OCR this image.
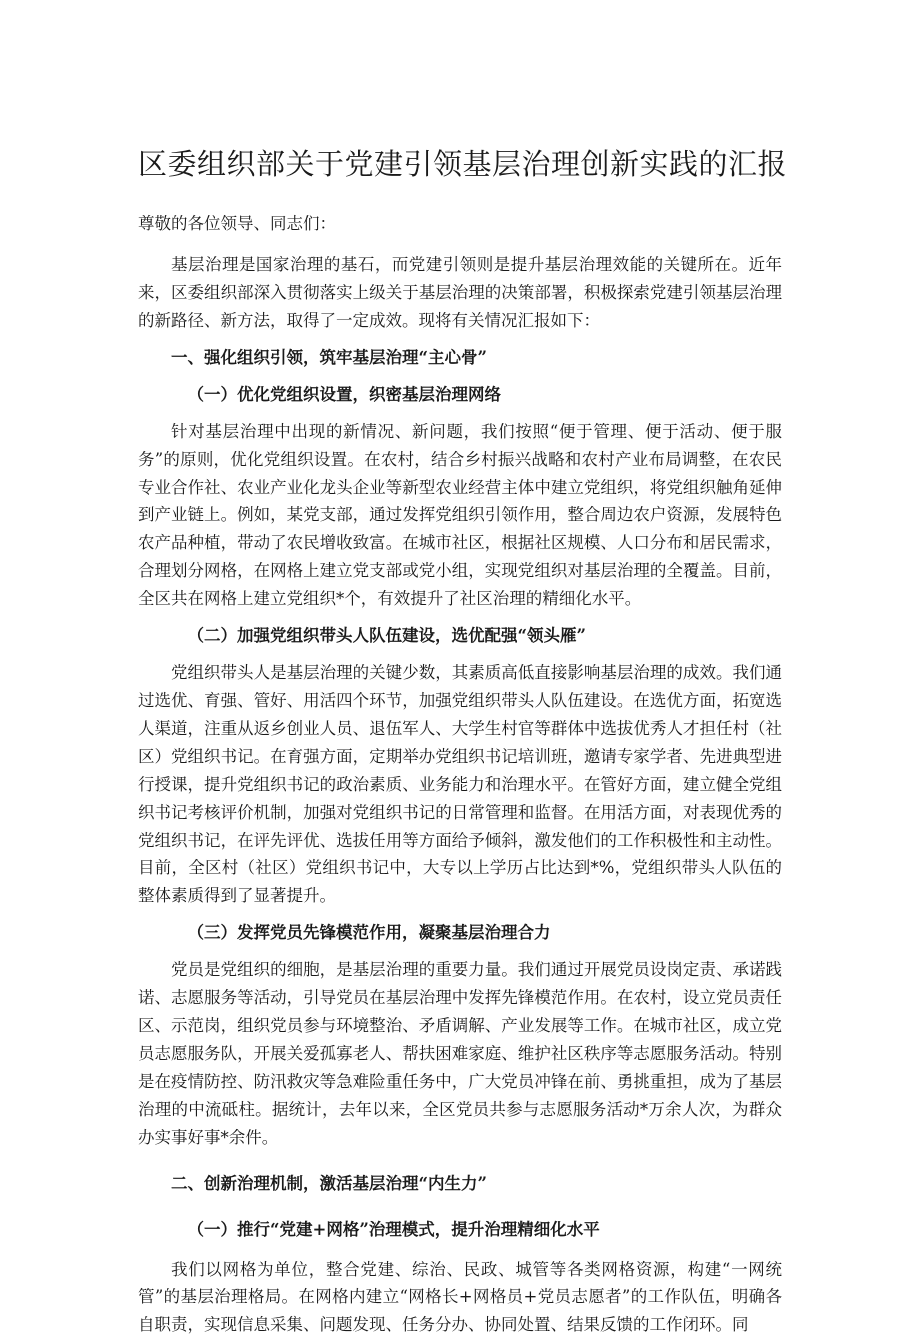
区委组织部关于党建引领基层治理创新实践的汇报

尊敬的各位领导、同志们：

基层治理是国家治理的基石，而党建引领则是提升基层治理效能的关键所在。近年来，区委组织部深入贯彻落实上级关于基层治理的决策部署，积极探索党建引领基层治理的新路径、新方法，取得了一定成效。现将有关情况汇报如下：

一、强化组织引领，筑牢基层治理“主心骨”

（一）优化党组织设置，织密基层治理网络

针对基层治理中出现的新情况、新问题，我们按照“便于管理、便于活动、便于服务”的原则，优化党组织设置。在农村，结合乡村振兴战略和农村产业布局调整，在农民专业合作社、农业产业化龙头企业等新型农业经营主体中建立党组织，将党组织触角延伸到产业链上。例如，某党支部，通过发挥党组织引领作用，整合周边农户资源，发展特色农产品种植，带动了农民增收致富。在城市社区，根据社区规模、人口分布和居民需求，合理划分网格，在网格上建立党支部或党小组，实现党组织对基层治理的全覆盖。目前，全区共在网格上建立党组织*个，有效提升了社区治理的精细化水平。

（二）加强党组织带头人队伍建设，选优配强“领头雁”

党组织带头人是基层治理的关键少数，其素质高低直接影响基层治理的成效。我们通过选优、育强、管好、用活四个环节，加强党组织带头人队伍建设。在选优方面，拓宽选人渠道，注重从返乡创业人员、退伍军人、大学生村官等群体中选拔优秀人才担任村（社区）党组织书记。在育强方面，定期举办党组织书记培训班，邀请专家学者、先进典型进行授课，提升党组织书记的政治素质、业务能力和治理水平。在管好方面，建立健全党组织书记考核评价机制，加强对党组织书记的日常管理和监督。在用活方面，对表现优秀的党组织书记，在评先评优、选拔任用等方面给予倾斜，激发他们的工作积极性和主动性。目前，全区村（社区）党组织书记中，大专以上学历占比达到*%，党组织带头人队伍的整体素质得到了显著提升。

（三）发挥党员先锋模范作用，凝聚基层治理合力

党员是党组织的细胞，是基层治理的重要力量。我们通过开展党员设岗定责、承诺践诺、志愿服务等活动，引导党员在基层治理中发挥先锋模范作用。在农村，设立党员责任区、示范岗，组织党员参与环境整治、矛盾调解、产业发展等工作。在城市社区，成立党员志愿服务队，开展关爱孤寡老人、帮扶困难家庭、维护社区秩序等志愿服务活动。特别是在疫情防控、防汛救灾等急难险重任务中，广大党员冲锋在前、勇挑重担，成为了基层治理的中流砥柱。据统计，去年以来，全区党员共参与志愿服务活动*万余人次，为群众办实事好事*余件。

二、创新治理机制，激活基层治理“内生力”

（一）推行“党建+网格”治理模式，提升治理精细化水平

我们以网格为单位，整合党建、综治、民政、城管等各类网格资源，构建“一网统管”的基层治理格局。在网格内建立“网格长+网格员+党员志愿者”的工作队伍，明确各自职责，实现信息采集、问题发现、任务分办、协同处置、结果反馈的工作闭环。同
